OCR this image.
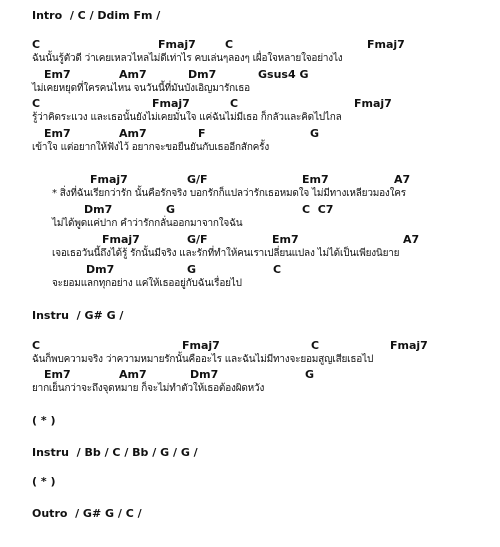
Intro  / C / Ddim Fm /
C	Fmaj7	C	Fmaj7
ฉันนั้นรู้ตัวดี ว่าเคยเหลวไหลไม่ดีเท่าไร คบเล่นๆลองๆ เผื่อใจหลายใจอย่างไง
Em7	Am7	Dm7	Gsus4 G
ไม่เคยหยุดที่ใครคนไหน จนวันนี้ที่มันบังเอิญมารักเธอ
C	Fmaj7	C	Fmaj7
รู้ว่าคิดระแวง และเธอนั้นยังไม่เคยมั่นใจ แค่ฉันไม่มีเธอ ก็กลัวและคิดไปไกล
Em7	Am7	F	G
เข้าใจ แต่อยากให้ฟังไว้ อยากจะขอยืนยันกับเธออีกสักครั้ง
Fmaj7	G/F	Em7	A7
* สิ่งที่ฉันเรียกว่ารัก นั้นคือรักจริง บอกรักก็แปลว่ารักเธอหมดใจ ไม่มีทางเหลียวมองใคร
Dm7	G	C  C7
ไม่ได้พูดแค่ปาก คำว่ารักกลั่นออกมาจากใจฉัน
Fmaj7	G/F	Em7	A7
เจอเธอวันนี้ถึงได้รู้ รักนั้นมีจริง และรักที่ทำให้คนเราเปลี่ยนแปลง ไม่ได้เป็นเพียงนิยาย
Dm7	G	C
จะยอมแลกทุกอย่าง แค่ให้เธออยู่กับฉันเรื่อยไป
Instru  / G# G /
C	Fmaj7	C	Fmaj7
ฉันก็พบความจริง ว่าความหมายรักนั้นคืออะไร และฉันไม่มีทางจะยอมสูญเสียเธอไป
Em7	Am7	Dm7	G
ยากเย็นกว่าจะถึงจุดหมาย ก็จะไม่ทำตัวให้เธอต้องผิดหวัง
( * )
Instru  / Bb / C / Bb / G / G /
( * )
Outro  / G# G / C /
